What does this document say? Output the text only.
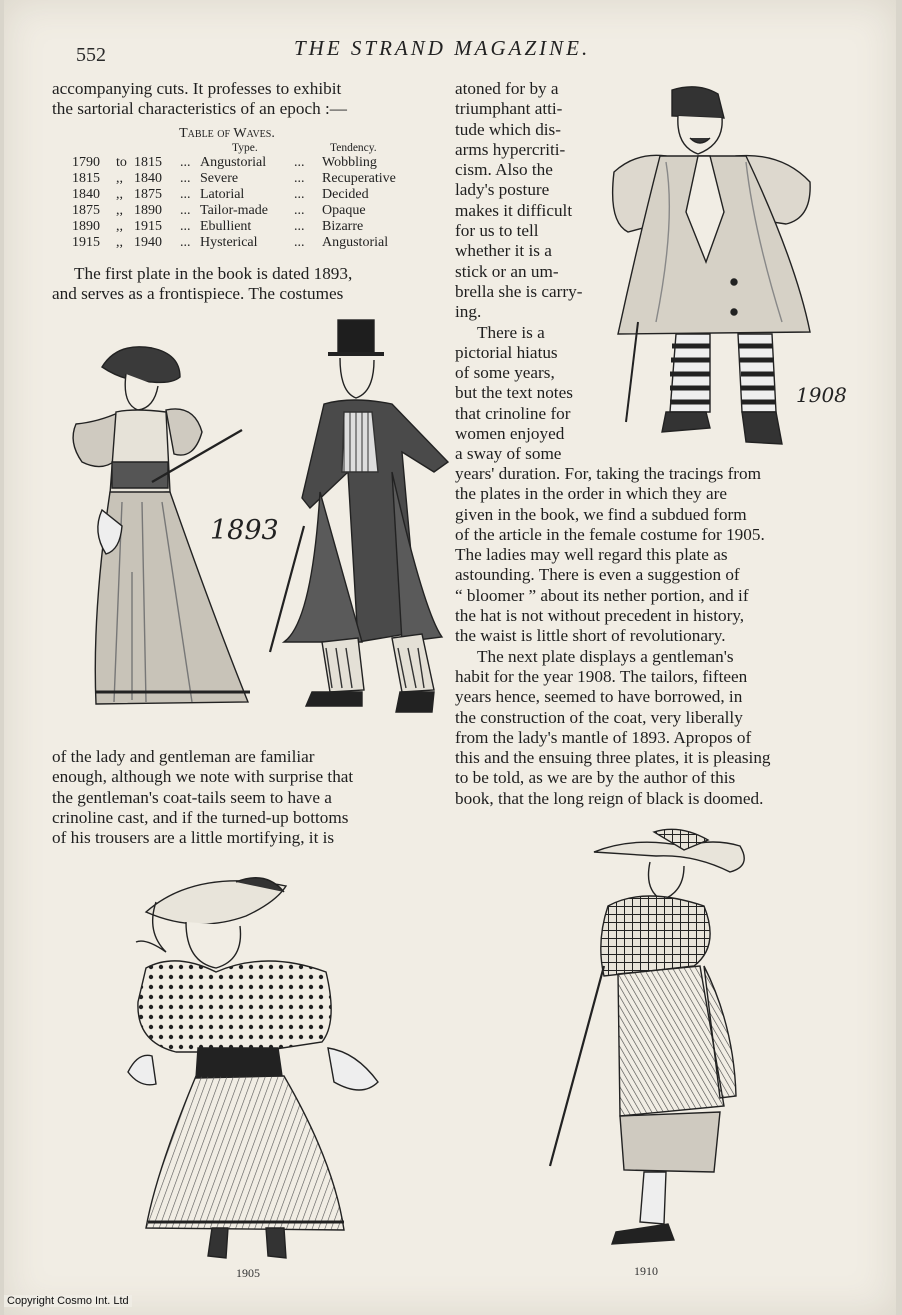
552	THE STRAND MAGAZINE.

accompanying cuts. It professes to exhibit

the sartorial characteristics of an epoch :—

Table of Waves.
Type.	Tendency.
1790 to 1815 ... Angustorial ... Wobbling
1815 ,, 1840 ... Severe	... Recuperative
1840 ,, 1875 ... Latorial	... Decided
1875 ,, 1890 ... Tailor-made ... Opaque
1890 ,, 1915 ... Ebullient	... Bizarre
1915 ,, 1940 ... Hysterical	... Angustorial

The first plate in the book is dated 1893,

and serves as a frontispiece. The costumes

1893

of the lady and gentleman are familiar

enough, although we note with surprise that

the gentleman's coat-tails seem to have a

crinoline cast, and if the turned-up bottoms

of his trousers are a little mortifying, it is

atoned for by a

triumphant atti-

tude which dis-

arms hypercriti-

cism. Also the

lady's posture

makes it difficult

for us to tell

whether it is a

stick or an um-

brella she is carry-

ing.

There is a

pictorial hiatus

of some years,

but the text notes

that crinoline for

women enjoyed

a sway of some

1908

years' duration. For, taking the tracings from

the plates in the order in which they are

given in the book, we find a subdued form

of the article in the female costume for 1905.

The ladies may well regard this plate as

astounding. There is even a suggestion of

“ bloomer ” about its nether portion, and if

the hat is not without precedent in history,

the waist is little short of revolutionary.

The next plate displays a gentleman's

habit for the year 1908. The tailors, fifteen

years hence, seemed to have borrowed, in

the construction of the coat, very liberally

from the lady's mantle of 1893. Apropos of

this and the ensuing three plates, it is pleasing

to be told, as we are by the author of this

book, that the long reign of black is doomed.

1905	1910
Copyright Cosmo Int. Ltd
